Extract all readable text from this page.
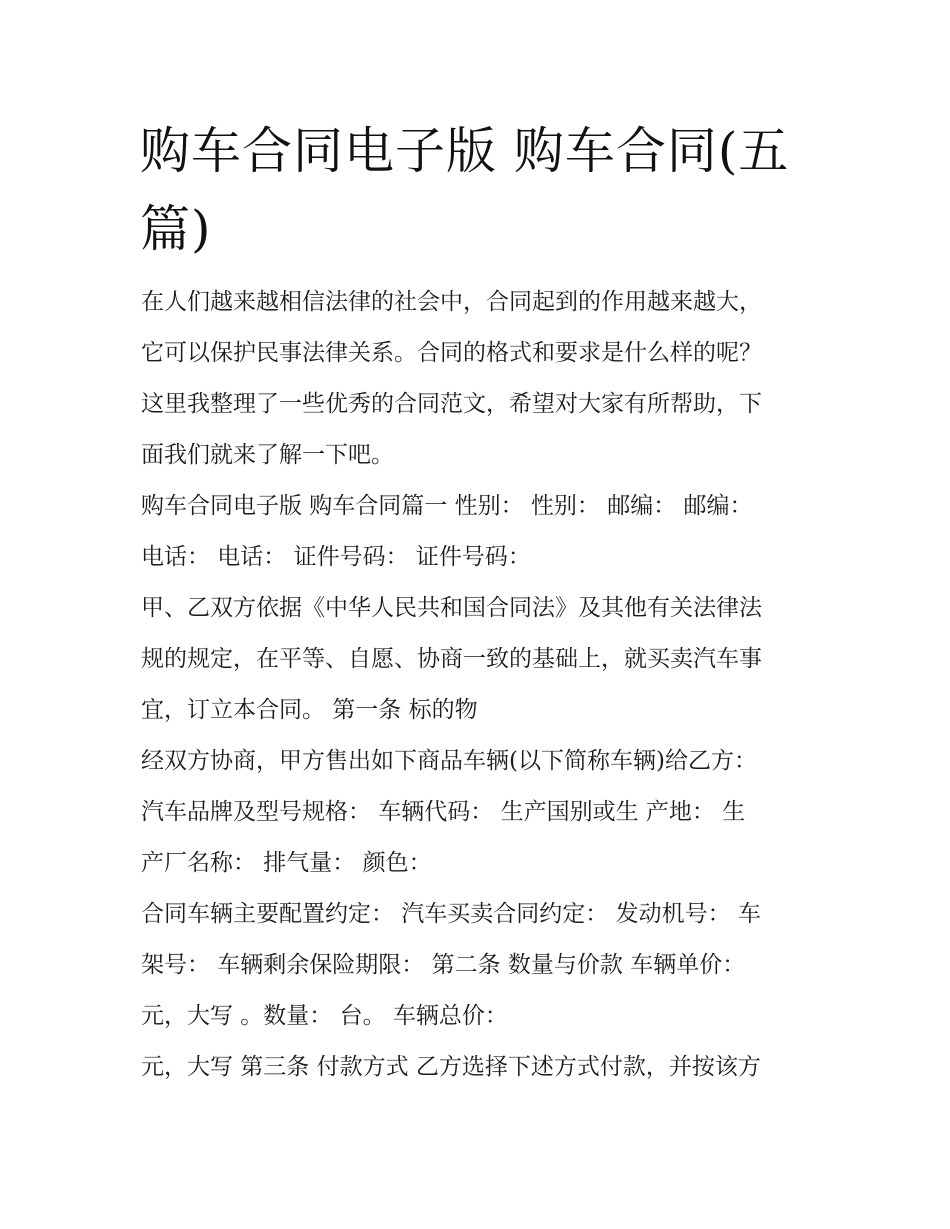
购车合同电子版 购车合同(五
篇)

在人们越来越相信法律的社会中，合同起到的作用越来越大，
它可以保护民事法律关系。合同的格式和要求是什么样的呢？
这里我整理了一些优秀的合同范文，希望对大家有所帮助，下
面我们就来了解一下吧。

购车合同电子版 购车合同篇一 性别： 性别： 邮编： 邮编：
电话： 电话： 证件号码： 证件号码：

甲、乙双方依据《中华人民共和国合同法》及其他有关法律法
规的规定，在平等、自愿、协商一致的基础上，就买卖汽车事
宜，订立本合同。 第一条 标的物

经双方协商，甲方售出如下商品车辆(以下简称车辆)给乙方：
汽车品牌及型号规格： 车辆代码： 生产国别或生 产地： 生
产厂名称： 排气量： 颜色：

合同车辆主要配置约定： 汽车买卖合同约定： 发动机号： 车
架号： 车辆剩余保险期限： 第二条 数量与价款 车辆单价：
元，大写 。数量： 台。 车辆总价：

元，大写 第三条 付款方式 乙方选择下述方式付款，并按该方
